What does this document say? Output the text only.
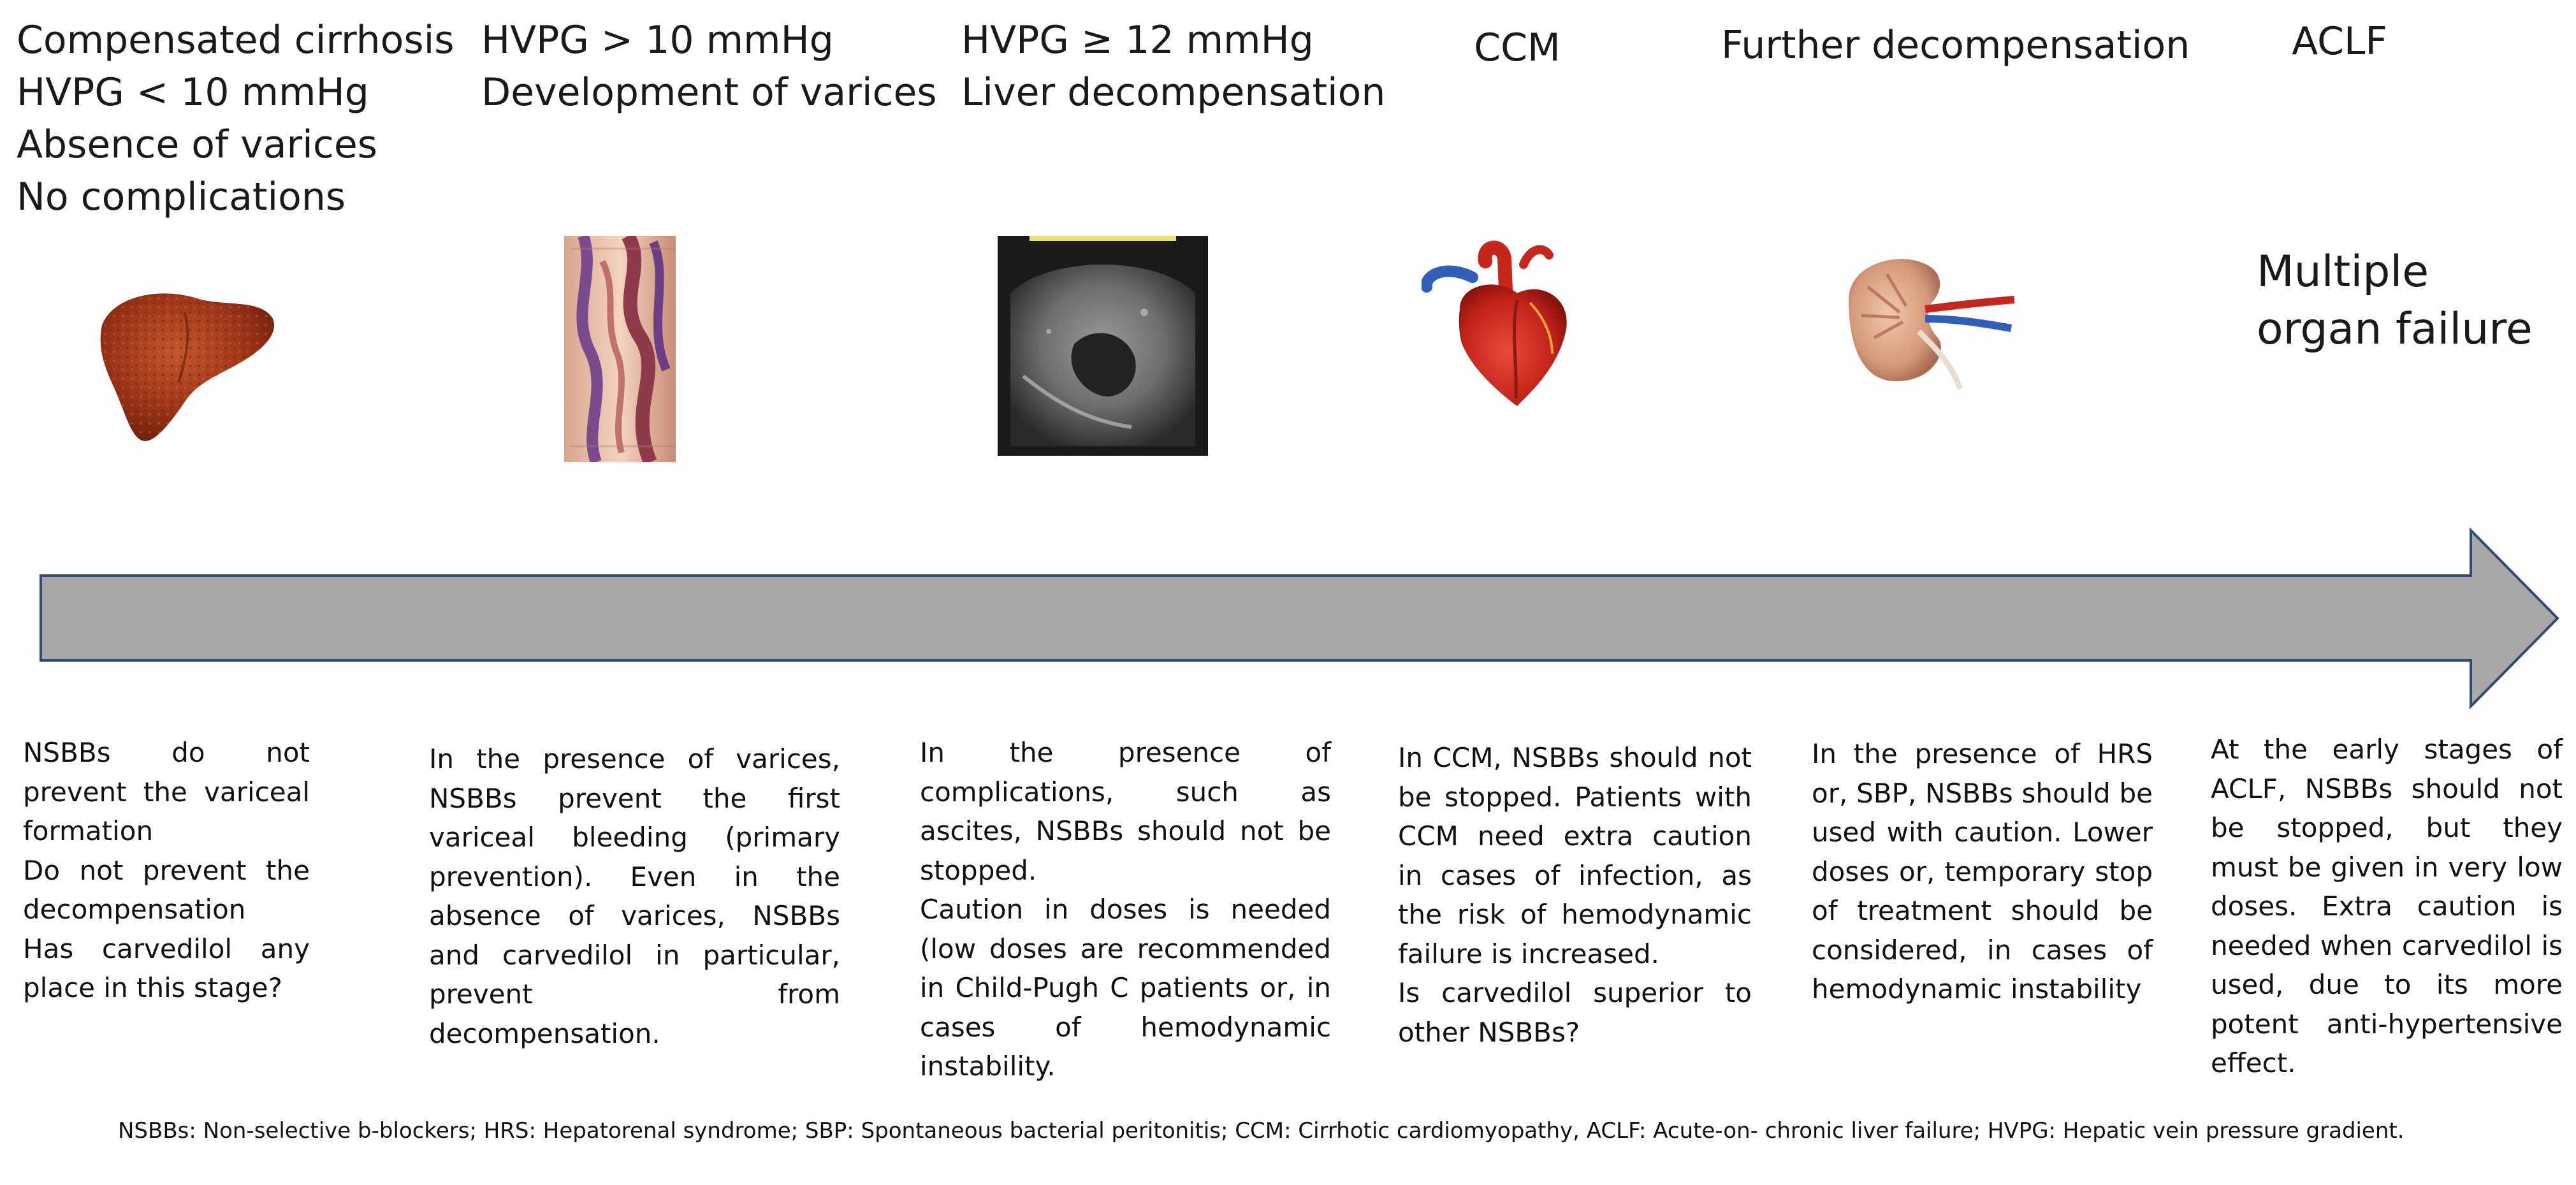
Compensated cirrhosis
HVPG < 10 mmHg
Absence of varices
No complications
HVPG > 10 mmHg
Development of varices
HVPG ≥ 12 mmHg
Liver decompensation
CCM	Further decompensation	ACLF
Multiple
organ failure
NSBBs do not prevent the variceal formation
Do not prevent the decompensation
Has carvedilol any place in this stage?
In the presence of varices, NSBBs prevent the first variceal bleeding (primary prevention). Even in the absence of varices, NSBBs and carvedilol in particular, prevent from decompensation.
In the presence of complications, such as ascites, NSBBs should not be stopped.
Caution in doses is needed (low doses are recommended in Child-Pugh C patients or, in cases of hemodynamic instability.
In CCM, NSBBs should not be stopped. Patients with CCM need extra caution in cases of infection, as the risk of hemodynamic failure is increased.
Is carvedilol superior to other NSBBs?
In the presence of HRS or, SBP, NSBBs should be used with caution. Lower doses or, temporary stop of treatment should be considered, in cases of hemodynamic instability
At the early stages of ACLF, NSBBs should not be stopped, but they must be given in very low doses. Extra caution is needed when carvedilol is used, due to its more potent anti-hypertensive effect.
NSBBs: Non-selective b-blockers; HRS: Hepatorenal syndrome; SBP: Spontaneous bacterial peritonitis; CCM: Cirrhotic cardiomyopathy, ACLF: Acute-on- chronic liver failure; HVPG: Hepatic vein pressure gradient.
